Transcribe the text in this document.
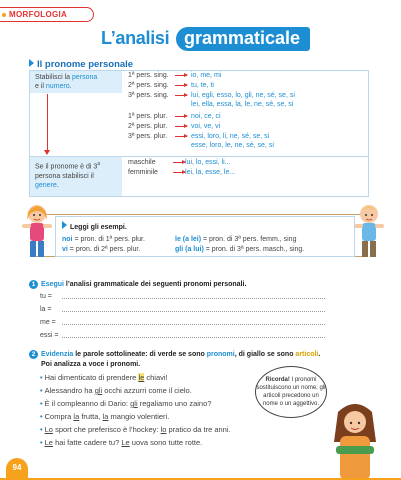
MORFOLOGIA
L’analisi grammaticale
Il pronome personale
Stabilisci la persona
e il numero.
Se il pronome è di 3$^a$ persona stabilisci il genere.
1ª pers. sing.	io, me, mi
2ª pers. sing.	tu, te, ti
3ª pers. sing.	lui, egli, esso, lo, gli, ne, sé, se, si
lei, ella, essa, la, le, ne, sé, se, si
1ª pers. plur.	noi, ce, ci
2ª pers. plur.	voi, ve, vi
3ª pers. plur.	essi, loro, li, ne, sé, se, si
esse, loro, le, ne, sé, se, si
maschile	lui, lo, essi, li...
femminile	lei, la, esse, le...
Leggi gli esempi.
noi = pron. di 1ª pers. plur.
vi = pron. di 2ª pers. plur.
le (a lei) = pron. di 3ª pers. femm., sing
gli (a lui) = pron. di 3ª pers. masch., sing.
1 Esegui l’analisi grammaticale dei seguenti pronomi personali.
tu =
la =
me =
essi =
2 Evidenzia le parole sottolineate: di verde se sono pronomi, di giallo se sono articoli.
Poi analizza a voce i pronomi.
• Hai dimenticato di prendere le chiavi!
• Alessandro ha gli occhi azzurri come il cielo.
• È il compleanno di Dario: gli regaliamo uno zaino?
• Compra la frutta, la mangio volentieri.
• Lo sport che preferisco è l’hockey: lo pratico da tre anni.
• Le hai fatte cadere tu? Le uova sono tutte rotte.
Ricorda! I pronomi sostituiscono un nome, gli articoli precedono un nome o un aggettivo.
94
